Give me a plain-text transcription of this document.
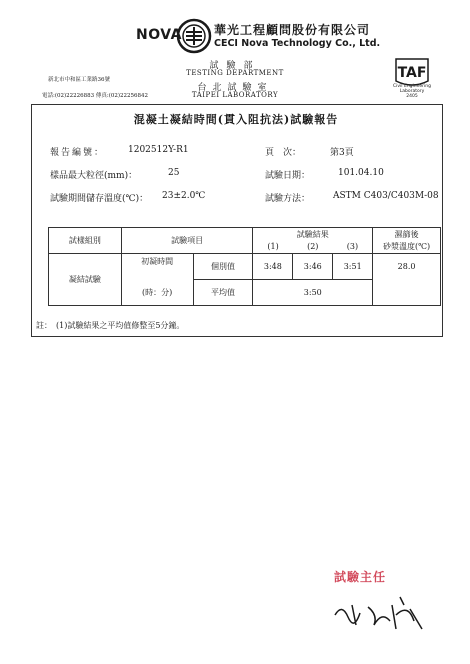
NOVA	華光工程顧問股份有限公司
CECI Nova Technology Co., Ltd.
試驗部
TESTING DEPARTMENT
台北試驗室
TAIPEI LABORATORY
新北市中和區工業路36號
電話:(02)22226883 傳真:(02)22256842
TAF
Civil Engineering
Laboratory
2405
混凝土凝結時間(貫入阻抗法)試驗報告
報告編號：	1202512Y-R1	頁　次：	第3頁
樣品最大粒徑(mm)：	25	試驗日期：	101.04.10
試驗期間儲存溫度(℃)： 23±2.0℃	試驗方法：	ASTM C403/C403M-08
試樣組別	試驗項目		試驗結果			濕篩後
			(1)	(2)	(3)	砂漿溫度(℃)
凝結試驗	初凝時間	個別值	3:48	3:46	3:51	28.0
	(時：分)	平均值	3:50			
註：　(1)試驗結果之平均值修整至5分鐘。
試驗主任
